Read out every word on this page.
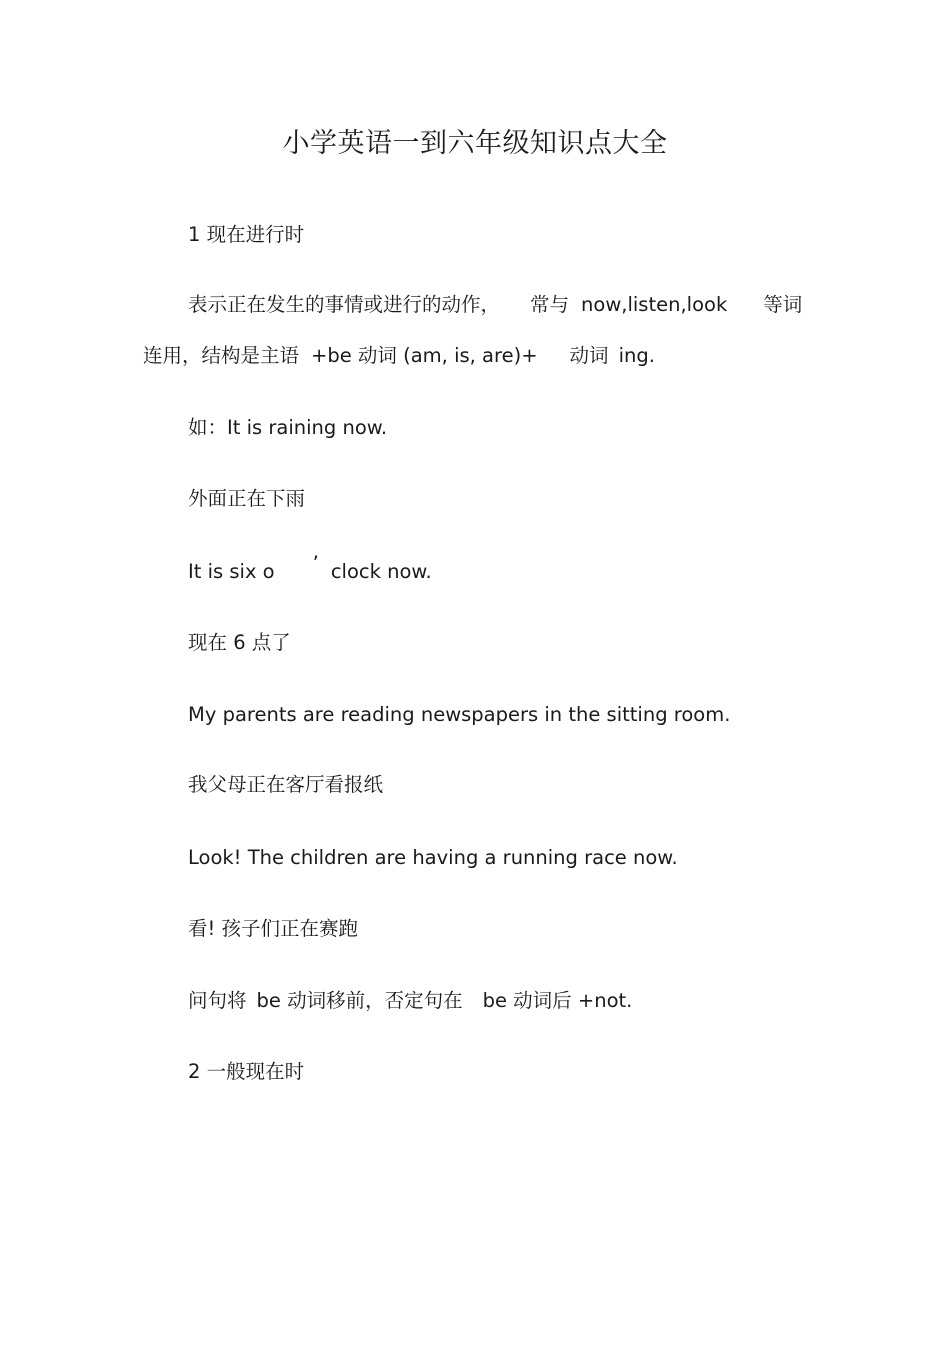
小学英语一到六年级知识点大全
1 现在进行时
表示正在发生的事情或进行的动作， 常与 now,listen,look 等词
连用，结构是主语 +be 动词 (am, is, are)+ 动词 ing.
如：It is raining now.
外面正在下雨
It is six o ’ clock now.
现在 6 点了
My parents are reading newspapers in the sitting room.
我父母正在客厅看报纸
Look! The children are having a running race now.
看! 孩子们正在赛跑
问句将 be 动词移前，否定句在 be 动词后 +not.
2 一般现在时
